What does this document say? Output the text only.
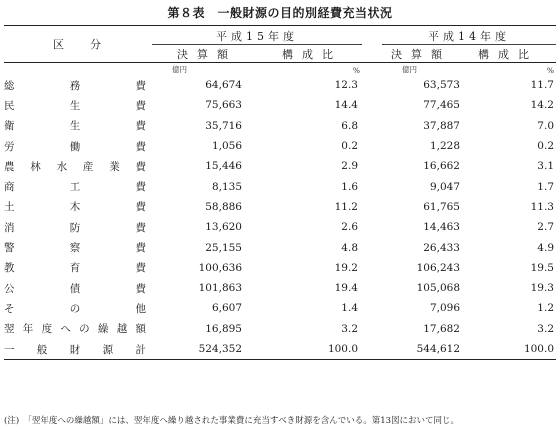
第８表　一般財源の目的別経費充当状況
区分	平成15年度			平成14年度	
	決算額	構成比		決算額	構成比
	億円	%		億円	%
総務費	64,674	12.3		63,573	11.7
民生費	75,663	14.4		77,465	14.2
衛生費	35,716	6.8		37,887	7.0
労働費	1,056	0.2		1,228	0.2
農林水産業費	15,446	2.9		16,662	3.1
商工費	8,135	1.6		9,047	1.7
土木費	58,886	11.2		61,765	11.3
消防費	13,620	2.6		14,463	2.7
警察費	25,155	4.8		26,433	4.9
教育費	100,636	19.2		106,243	19.5
公債費	101,863	19.4		105,068	19.3
その他	6,607	1.4		7,096	1.2
翌年度への繰越額	16,895	3.2		17,682	3.2
一般財源計	524,352	100.0		544,612	100.0
(注)　「翌年度への繰越額」には、翌年度へ繰り越された事業費に充当すべき財源を含んでいる。第13図において同じ。
